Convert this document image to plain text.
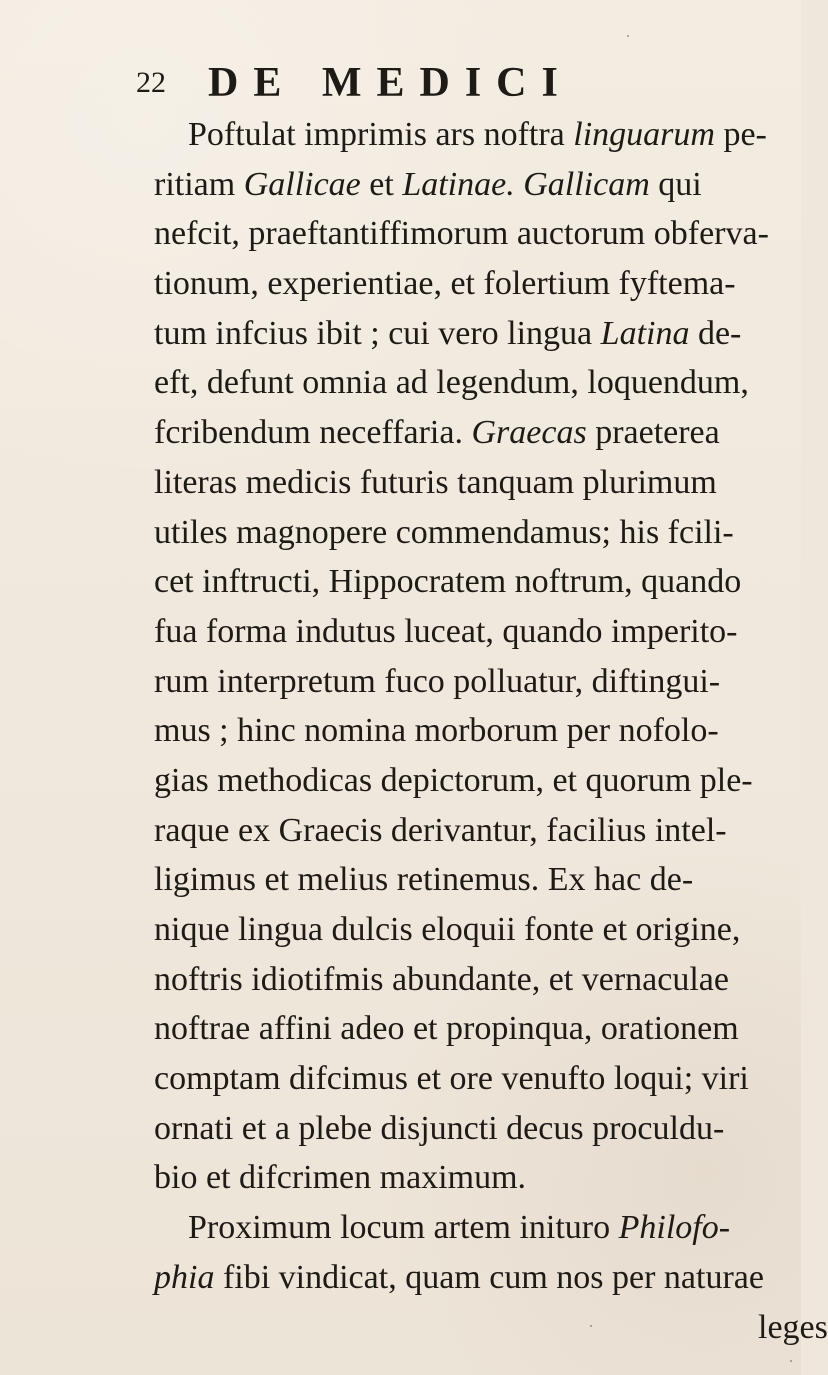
22 DE MEDICI
Poftulat imprimis ars noftra linguarum pe-
ritiam Gallicae et Latinae. Gallicam qui
nefcit, praeftantiffimorum auctorum obferva-
tionum, experientiae, et folertium fyftema-
tum infcius ibit ; cui vero lingua Latina de-
eft, defunt omnia ad legendum, loquendum,
fcribendum neceffaria. Graecas praeterea
literas medicis futuris tanquam plurimum
utiles magnopere commendamus; his fcili-
cet inftructi, Hippocratem noftrum, quando
fua forma indutus luceat, quando imperito-
rum interpretum fuco polluatur, diftingui-
mus ; hinc nomina morborum per nofolo-
gias methodicas depictorum, et quorum ple-
raque ex Graecis derivantur, facilius intel-
ligimus et melius retinemus. Ex hac de-
nique lingua dulcis eloquii fonte et origine,
noftris idiotifmis abundante, et vernaculae
noftrae affini adeo et propinqua, orationem
comptam difcimus et ore venufto loqui; viri
ornati et a plebe disjuncti decus proculdu-
bio et difcrimen maximum.
Proximum locum artem inituro Philofo-
phia fibi vindicat, quam cum nos per naturae
leges
